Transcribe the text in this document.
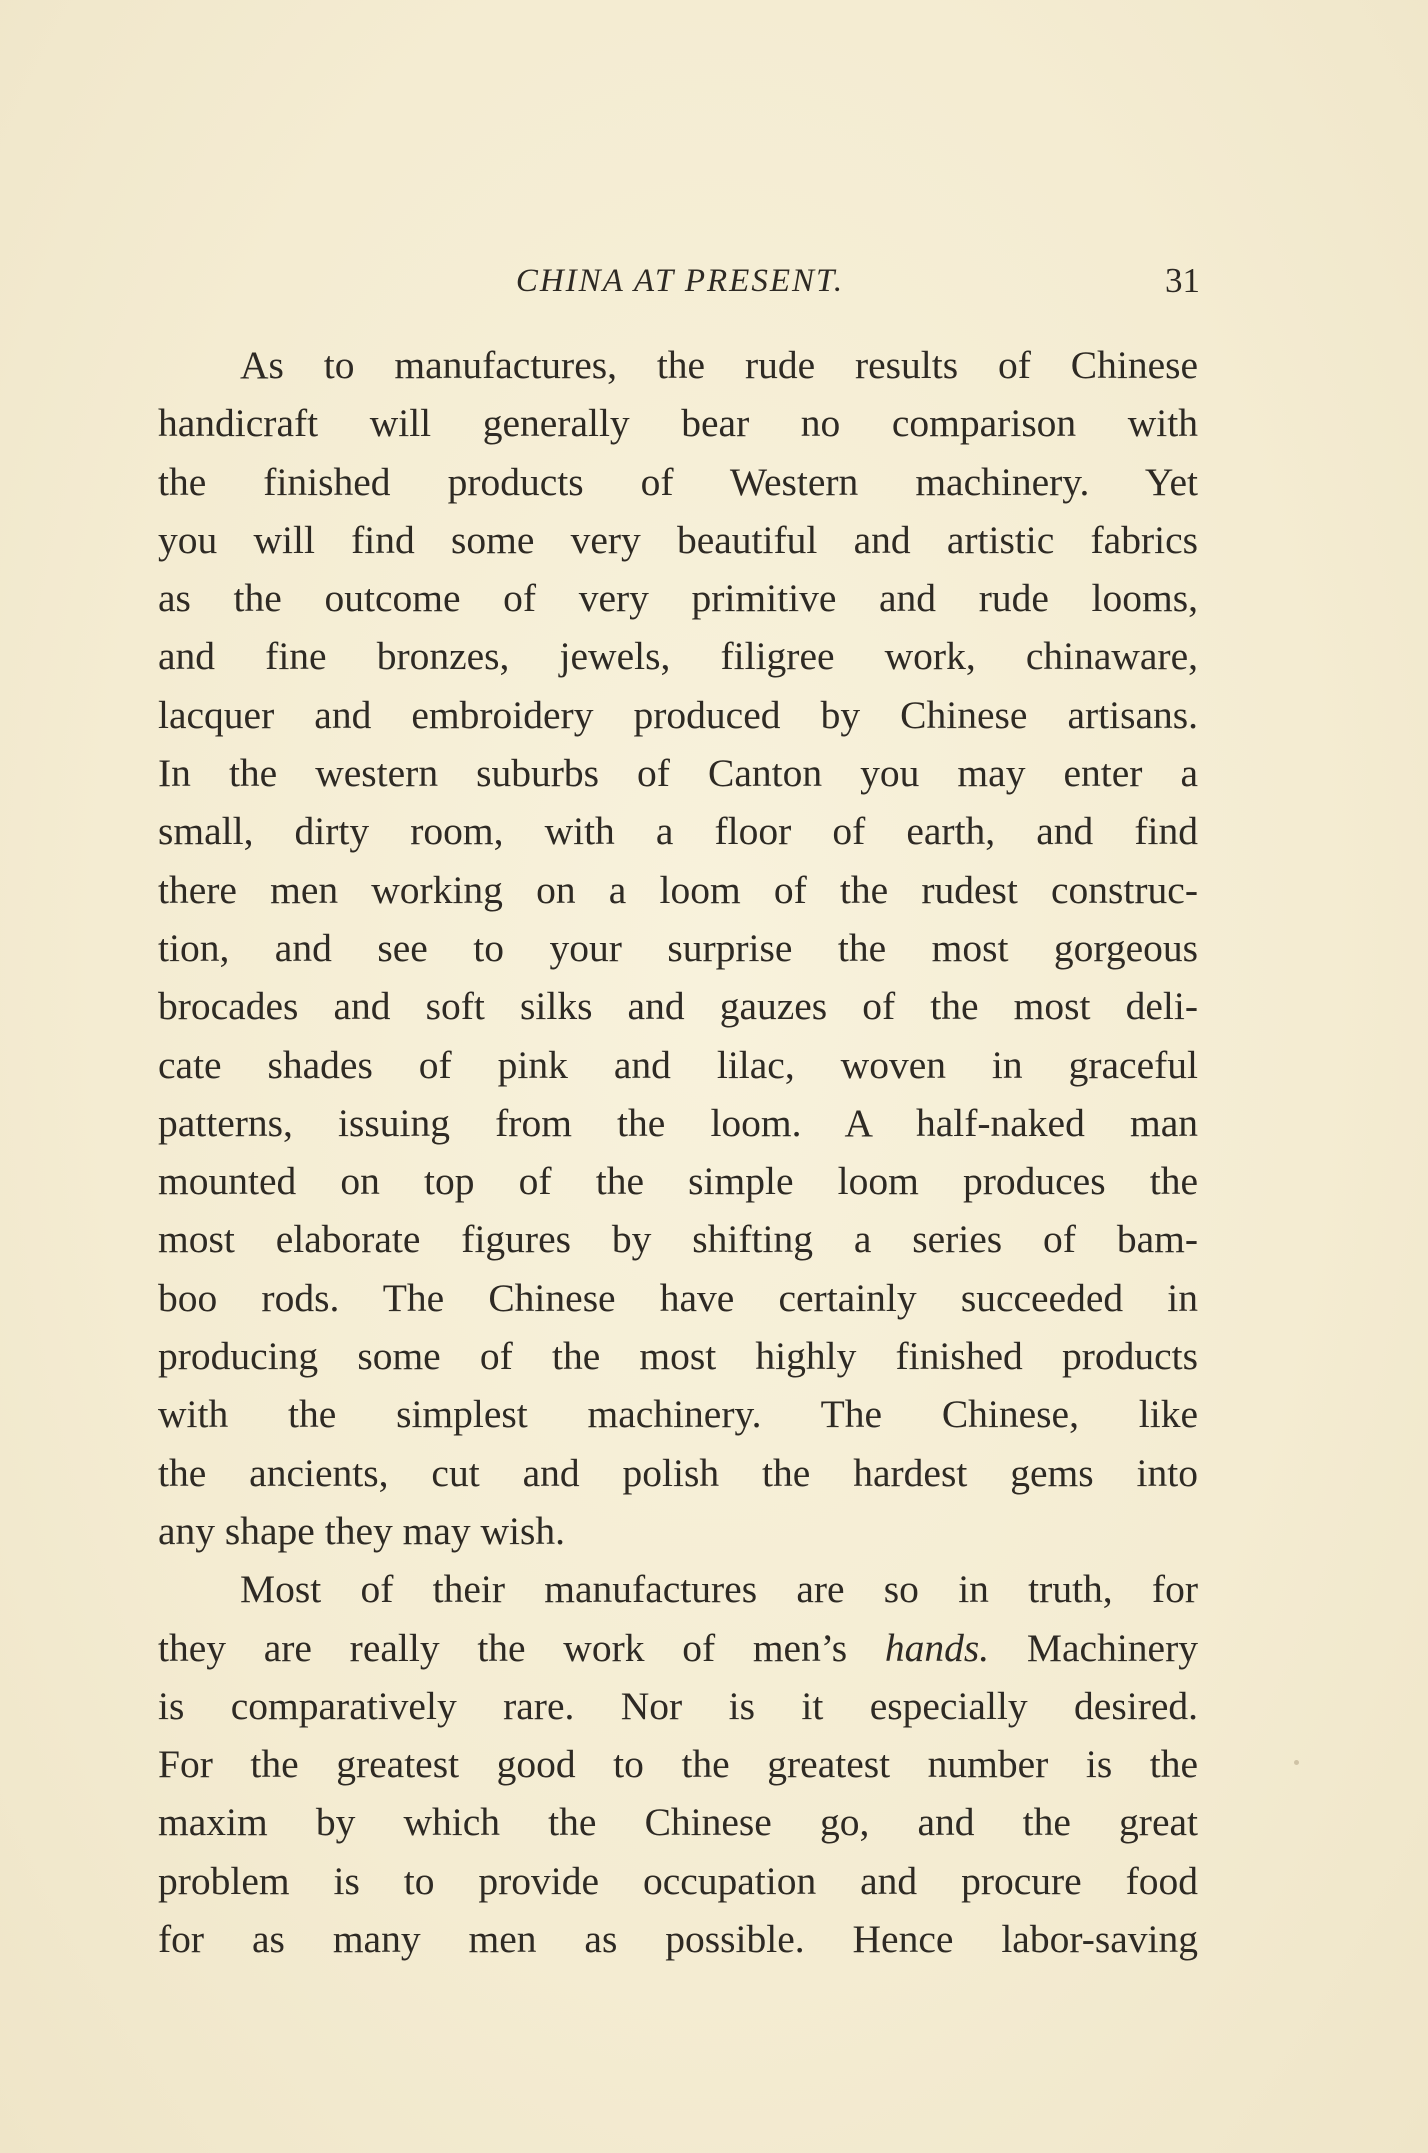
CHINA AT PRESENT.	31
As to manufactures, the rude results of Chinese
handicraft will generally bear no comparison with
the finished products of Western machinery. Yet
you will find some very beautiful and artistic fabrics
as the outcome of very primitive and rude looms,
and fine bronzes, jewels, filigree work, chinaware,
lacquer and embroidery produced by Chinese artisans.
In the western suburbs of Canton you may enter a
small, dirty room, with a floor of earth, and find
there men working on a loom of the rudest construc-
tion, and see to your surprise the most gorgeous
brocades and soft silks and gauzes of the most deli-
cate shades of pink and lilac, woven in graceful
patterns, issuing from the loom. A half-naked man
mounted on top of the simple loom produces the
most elaborate figures by shifting a series of bam-
boo rods. The Chinese have certainly succeeded in
producing some of the most highly finished products
with the simplest machinery. The Chinese, like
the ancients, cut and polish the hardest gems into
any shape they may wish.
Most of their manufactures are so in truth, for
they are really the work of men’s hands. Machinery
is comparatively rare. Nor is it especially desired.
For the greatest good to the greatest number is the
maxim by which the Chinese go, and the great
problem is to provide occupation and procure food
for as many men as possible. Hence labor-saving
